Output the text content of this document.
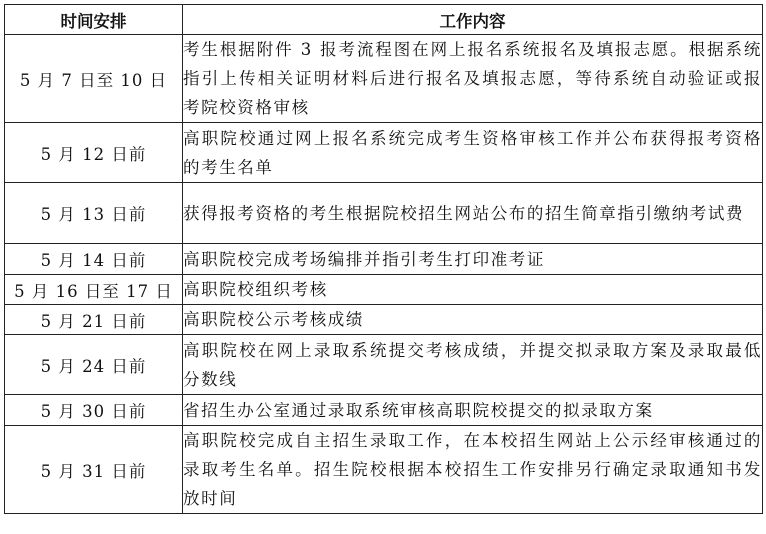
时间安排	工作内容
5 月 7 日至 10 日	考生根据附件 3 报考流程图在网上报名系统报名及填报志愿。根据系统指引上传相关证明材料后进行报名及填报志愿，等待系统自动验证或报考院校资格审核
5 月 12 日前	高职院校通过网上报名系统完成考生资格审核工作并公布获得报考资格的考生名单
5 月 13 日前	获得报考资格的考生根据院校招生网站公布的招生简章指引缴纳考试费
5 月 14 日前	高职院校完成考场编排并指引考生打印准考证
5 月 16 日至 17 日	高职院校组织考核
5 月 21 日前	高职院校公示考核成绩
5 月 24 日前	高职院校在网上录取系统提交考核成绩，并提交拟录取方案及录取最低分数线
5 月 30 日前	省招生办公室通过录取系统审核高职院校提交的拟录取方案
5 月 31 日前	高职院校完成自主招生录取工作，在本校招生网站上公示经审核通过的录取考生名单。招生院校根据本校招生工作安排另行确定录取通知书发放时间
